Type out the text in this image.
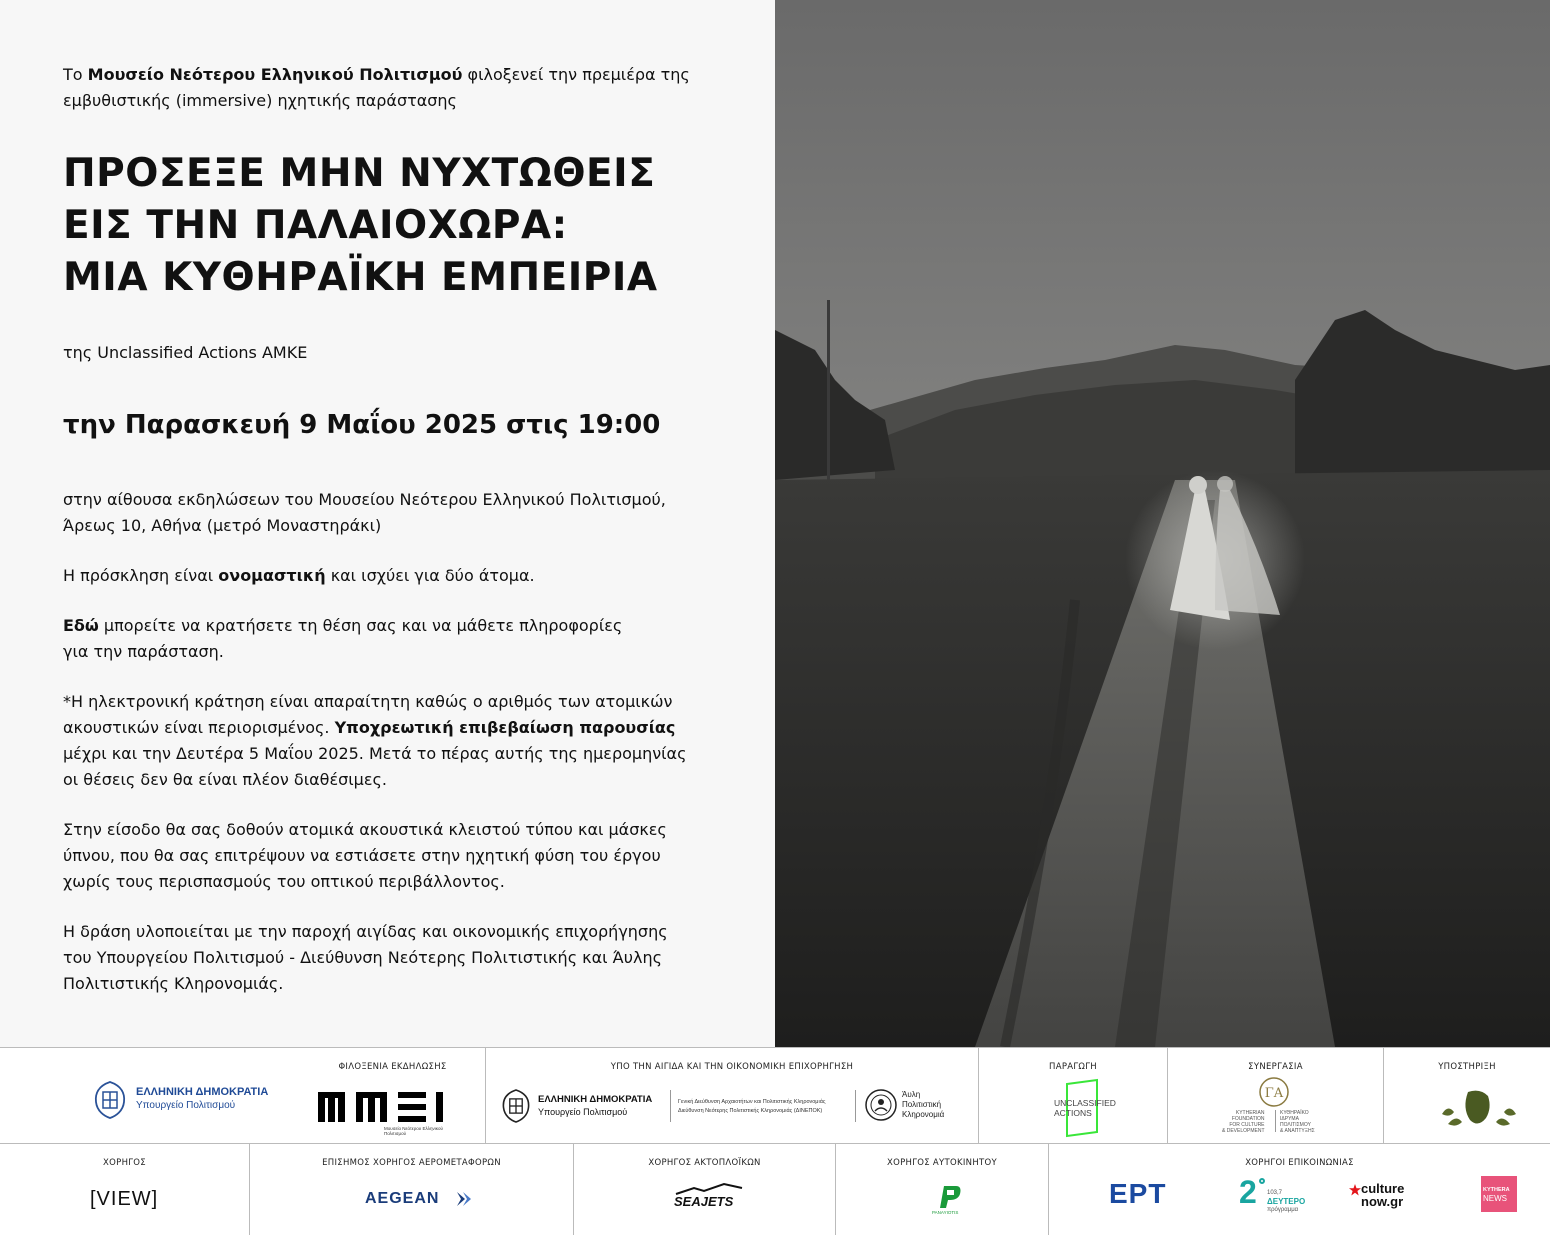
Το Μουσείο Νεότερου Ελληνικού Πολιτισμού φιλοξενεί την πρεμιέρα της εμβυθιστικής (immersive) ηχητικής παράστασης
ΠΡΟΣΕΞΕ ΜΗΝ ΝΥΧΤΩΘΕΙΣ
ΕΙΣ ΤΗΝ ΠΑΛΑΙΟΧΩΡΑ:
ΜΙΑ ΚΥΘΗΡΑΪΚΗ ΕΜΠΕΙΡΙΑ
της Unclassified Actions AMKE
την Παρασκευή 9 Μαΐου 2025 στις 19:00

στην αίθουσα εκδηλώσεων του Μουσείου Νεότερου Ελληνικού Πολιτισμού,
Άρεως 10, Αθήνα (μετρό Μοναστηράκι)

Η πρόσκληση είναι ονομαστική και ισχύει για δύο άτομα.

Εδώ μπορείτε να κρατήσετε τη θέση σας και να μάθετε πληροφορίες
για την παράσταση.

*Η ηλεκτρονική κράτηση είναι απαραίτητη καθώς ο αριθμός των ατομικών
ακουστικών είναι περιορισμένος. Υποχρεωτική επιβεβαίωση παρουσίας
μέχρι και την Δευτέρα 5 Μαΐου 2025. Μετά το πέρας αυτής της ημερομηνίας
οι θέσεις δεν θα είναι πλέον διαθέσιμες.

Στην είσοδο θα σας δοθούν ατομικά ακουστικά κλειστού τύπου και μάσκες
ύπνου, που θα σας επιτρέψουν να εστιάσετε στην ηχητική φύση του έργου
χωρίς τους περισπασμούς του οπτικού περιβάλλοντος.

Η δράση υλοποιείται με την παροχή αιγίδας και οικονομικής επιχορήγησης
του Υπουργείου Πολιτισμού - Διεύθυνση Νεότερης Πολιτιστικής και Άυλης
Πολιτιστικής Κληρονομιάς.

ΕΛΛΗΝΙΚΗ ΔΗΜΟΚΡΑΤΙΑ
Υπουργείο Πολιτισμού
ΦΙΛΟΞΕΝΙΑ ΕΚΔΗΛΩΣΗΣ
Μουσείο Νεότερου Ελληνικού Πολιτισμού
ΥΠΟ ΤΗΝ ΑΙΓΙΔΑ ΚΑΙ ΤΗΝ ΟΙΚΟΝΟΜΙΚΗ ΕΠΙΧΟΡΗΓΗΣΗ
ΕΛΛΗΝΙΚΗ ΔΗΜΟΚΡΑΤΙΑ
Υπουργείο Πολιτισμού
Γενική Διεύθυνση Αρχαιοτήτων και Πολιτιστικής Κληρονομιάς
Διεύθυνση Νεότερης Πολιτιστικής Κληρονομιάς (ΔΙΝΕΠΟΚ)
Άυλη
Πολιτιστική
Κληρονομιά
ΠΑΡΑΓΩΓΗ
UNCLASSIFIED
ACTIONS
ΣΥΝΕΡΓΑΣΙΑ
ΓΑ
KYTHERIAN
FOUNDATION
FOR CULTURE
& DEVELOPMENT
ΚΥΘΗΡΑΪΚΟ
ΙΔΡΥΜΑ
ΠΟΛΙΤΙΣΜΟΥ
& ΑΝΑΠΤΥΞΗΣ
ΥΠΟΣΤΗΡΙΞΗ
ΧΟΡΗΓΟΣ
[VIEW]
ΕΠΙΣΗΜΟΣ ΧΟΡΗΓΟΣ ΑΕΡΟΜΕΤΑΦΟΡΩΝ
AEGEAN
ΧΟΡΗΓΟΣ ΑΚΤΟΠΛΟΪΚΩΝ
SEAJETS
ΧΟΡΗΓΟΣ ΑΥΤΟΚΙΝΗΤΟΥ
PANAYIOTIS
ΧΟΡΗΓΟΙ ΕΠΙΚΟΙΝΩΝΙΑΣ
ΕΡΤ 2 103,7
ΔΕΥΤΕΡΟ
πρόγραμμα
culture
now.gr
KYTHERA
NEWS
